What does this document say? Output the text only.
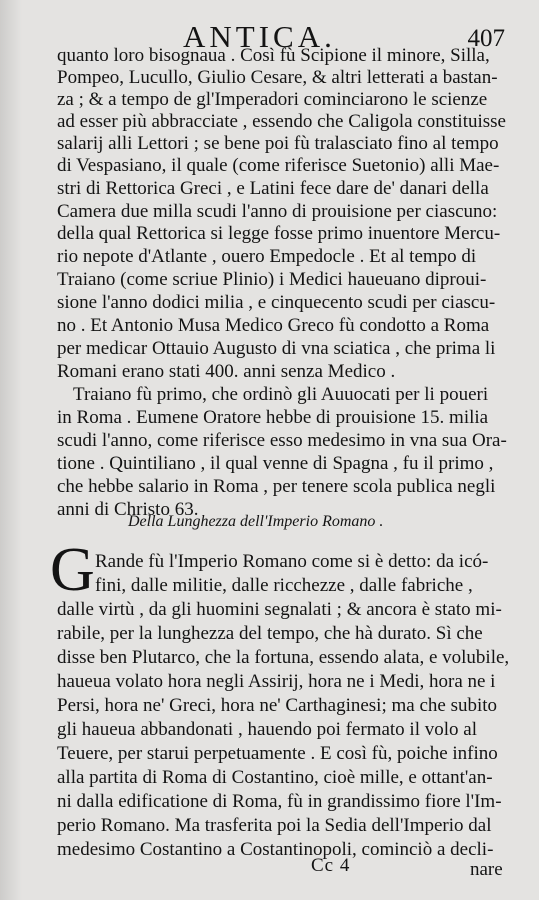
ANTICA.	407
quanto loro bisognaua . Così fù Scipione il minore, Silla,
Pompeo, Lucullo, Giulio Cesare, & altri letterati a bastan-
za ; & a tempo de gl'Imperadori cominciarono le scienze
ad esser più abbracciate , essendo che Caligola constituisse
salarij alli Lettori ; se bene poi fù tralasciato fino al tempo
di Vespasiano, il quale (come riferisce Suetonio) alli Mae-
stri di Rettorica Greci , e Latini fece dare de' danari della
Camera due milla scudi l'anno di prouisione per ciascuno:
della qual Rettorica si legge fosse primo inuentore Mercu-
rio nepote d'Atlante , ouero Empedocle . Et al tempo di
Traiano (come scriue Plinio) i Medici haueuano diproui-
sione l'anno dodici milia , e cinquecento scudi per ciascu-
no . Et Antonio Musa Medico Greco fù condotto a Roma
per medicar Ottauio Augusto di vna sciatica , che prima li
Romani erano stati 400. anni senza Medico .
Traiano fù primo, che ordinò gli Auuocati per li poueri
in Roma . Eumene Oratore hebbe di prouisione 15. milia
scudi l'anno, come riferisce esso medesimo in vna sua Ora-
tione . Quintiliano , il qual venne di Spagna , fu il primo ,
che hebbe salario in Roma , per tenere scola publica negli
anni di Christo 63.
Della Lunghezza dell'Imperio Romano .
G Rande fù l'Imperio Romano come si è detto: da icó-
fini, dalle militie, dalle ricchezze , dalle fabriche ,
dalle virtù , da gli huomini segnalati ; & ancora è stato mi-
rabile, per la lunghezza del tempo, che hà durato. Sì che
disse ben Plutarco, che la fortuna, essendo alata, e volubile,
haueua volato hora negli Assirij, hora ne i Medi, hora ne i
Persi, hora ne' Greci, hora ne' Carthaginesi; ma che subito
gli haueua abbandonati , hauendo poi fermato il volo al
Teuere, per starui perpetuamente . E così fù, poiche infino
alla partita di Roma di Costantino, cioè mille, e ottant'an-
ni dalla edificatione di Roma, fù in grandissimo fiore l'Im-
perio Romano. Ma trasferita poi la Sedia dell'Imperio dal
medesimo Costantino a Costantinopoli, cominciò a decli-
Cc 4	nare
